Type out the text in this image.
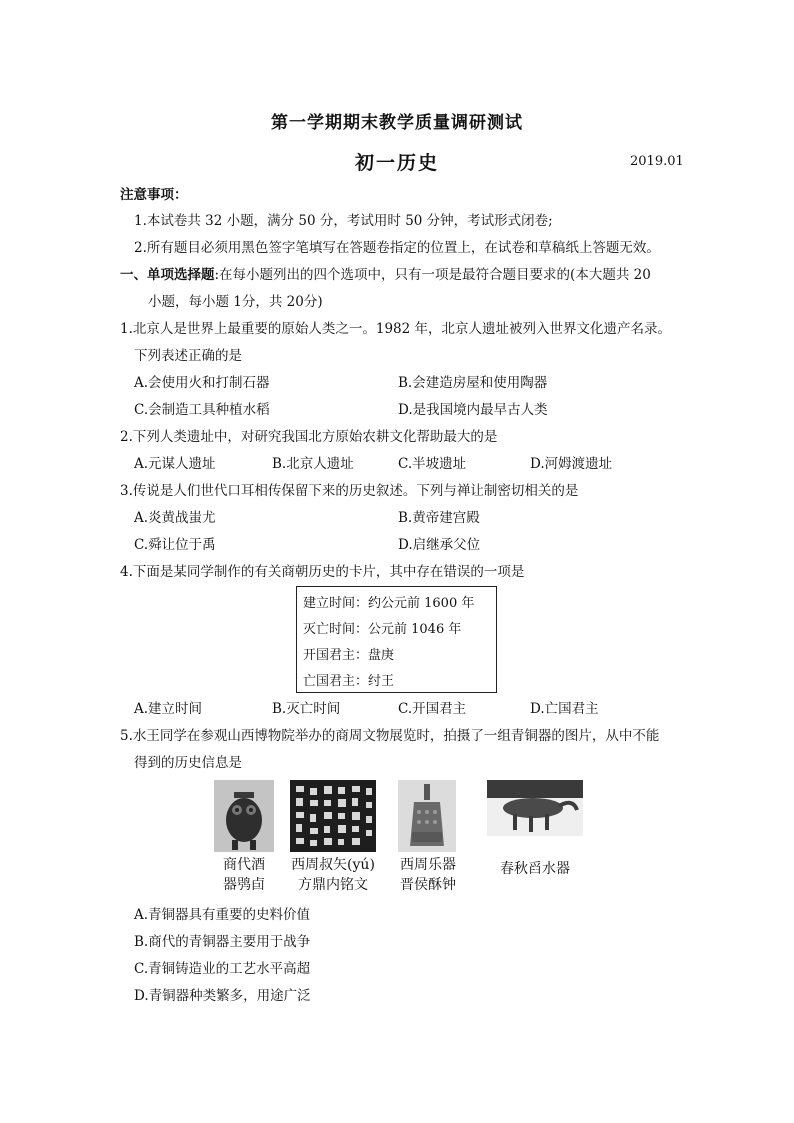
第一学期期末教学质量调研测试
初一历史	2019.01
注意事项：
1.本试卷共 32 小题，满分 50 分，考试用时 50 分钟，考试形式闭卷;
2.所有题目必须用黑色签字笔填写在答题卷指定的位置上，在试卷和草稿纸上答题无效。
一、单项选择题:在每小题列出的四个选项中，只有一项是最符合题目要求的(本大题共 20
小题，每小题 1分，共 20分)
1.北京人是世界上最重要的原始人类之一。1982 年，北京人遗址被列入世界文化遗产名录。
下列表述正确的是
A.会使用火和打制石器	B.会建造房屋和使用陶器
C.会制造工具种植水稻	D.是我国境内最早古人类
2.下列人类遗址中，对研究我国北方原始农耕文化帮助最大的是
A.元谋人遗址	B.北京人遗址	C.半坡遗址	D.河姆渡遗址
3.传说是人们世代口耳相传保留下来的历史叙述。下列与禅让制密切相关的是
A.炎黄战蚩尤	B.黄帝建宫殿
C.舜让位于禹	D.启继承父位
4.下面是某同学制作的有关商朝历史的卡片，其中存在错误的一项是
建立时间：约公元前 1600 年
灭亡时间：公元前 1046 年
开国君主：盘庚
亡国君主：纣王
A.建立时间	B.灭亡时间	C.开国君主	D.亡国君主
5.水王同学在参观山西博物院举办的商周文物展览时，拍摄了一组青铜器的图片，从中不能
得到的历史信息是
商代酒
器鸮卣
西周叔矢(yú)
方鼎内铭文
西周乐器
晋侯酥钟
春秋舀水器
A.青铜器具有重要的史料价值
B.商代的青铜器主要用于战争
C.青铜铸造业的工艺水平高超
D.青铜器种类繁多，用途广泛
